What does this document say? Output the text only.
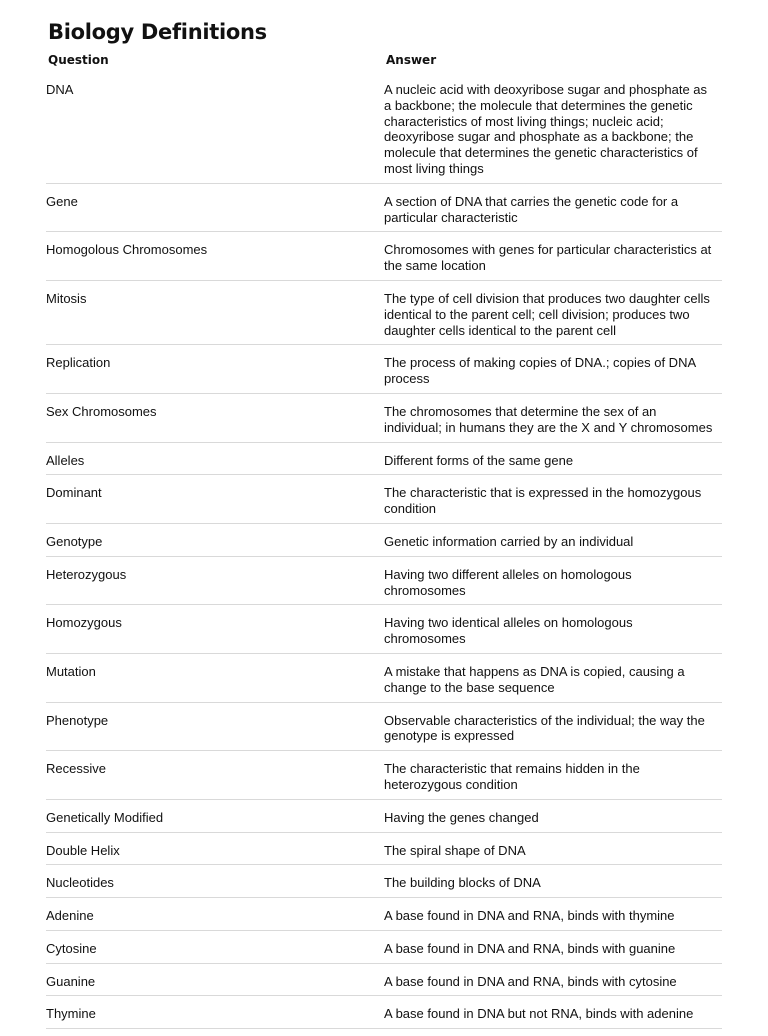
Biology Definitions
Question	Answer
DNA	A nucleic acid with deoxyribose sugar and phosphate as a backbone; the molecule that determines the genetic characteristics of most living things; nucleic acid; deoxyribose sugar and phosphate as a backbone; the molecule that determines the genetic characteristics of most living things
Gene	A section of DNA that carries the genetic code for a particular characteristic
Homogolous Chromosomes	Chromosomes with genes for particular characteristics at the same location
Mitosis	The type of cell division that produces two daughter cells identical to the parent cell; cell division; produces two daughter cells identical to the parent cell
Replication	The process of making copies of DNA.; copies of DNA process
Sex Chromosomes	The chromosomes that determine the sex of an individual; in humans they are the X and Y chromosomes
Alleles	Different forms of the same gene
Dominant	The characteristic that is expressed in the homozygous condition
Genotype	Genetic information carried by an individual
Heterozygous	Having two different alleles on homologous chromosomes
Homozygous	Having two identical alleles on homologous chromosomes
Mutation	A mistake that happens as DNA is copied, causing a change to the base sequence
Phenotype	Observable characteristics of the individual; the way the genotype is expressed
Recessive	The characteristic that remains hidden in the heterozygous condition
Genetically Modified	Having the genes changed
Double Helix	The spiral shape of DNA
Nucleotides	The building blocks of DNA
Adenine	A base found in DNA and RNA, binds with thymine
Cytosine	A base found in DNA and RNA, binds with guanine
Guanine	A base found in DNA and RNA, binds with cytosine
Thymine	A base found in DNA but not RNA, binds with adenine
